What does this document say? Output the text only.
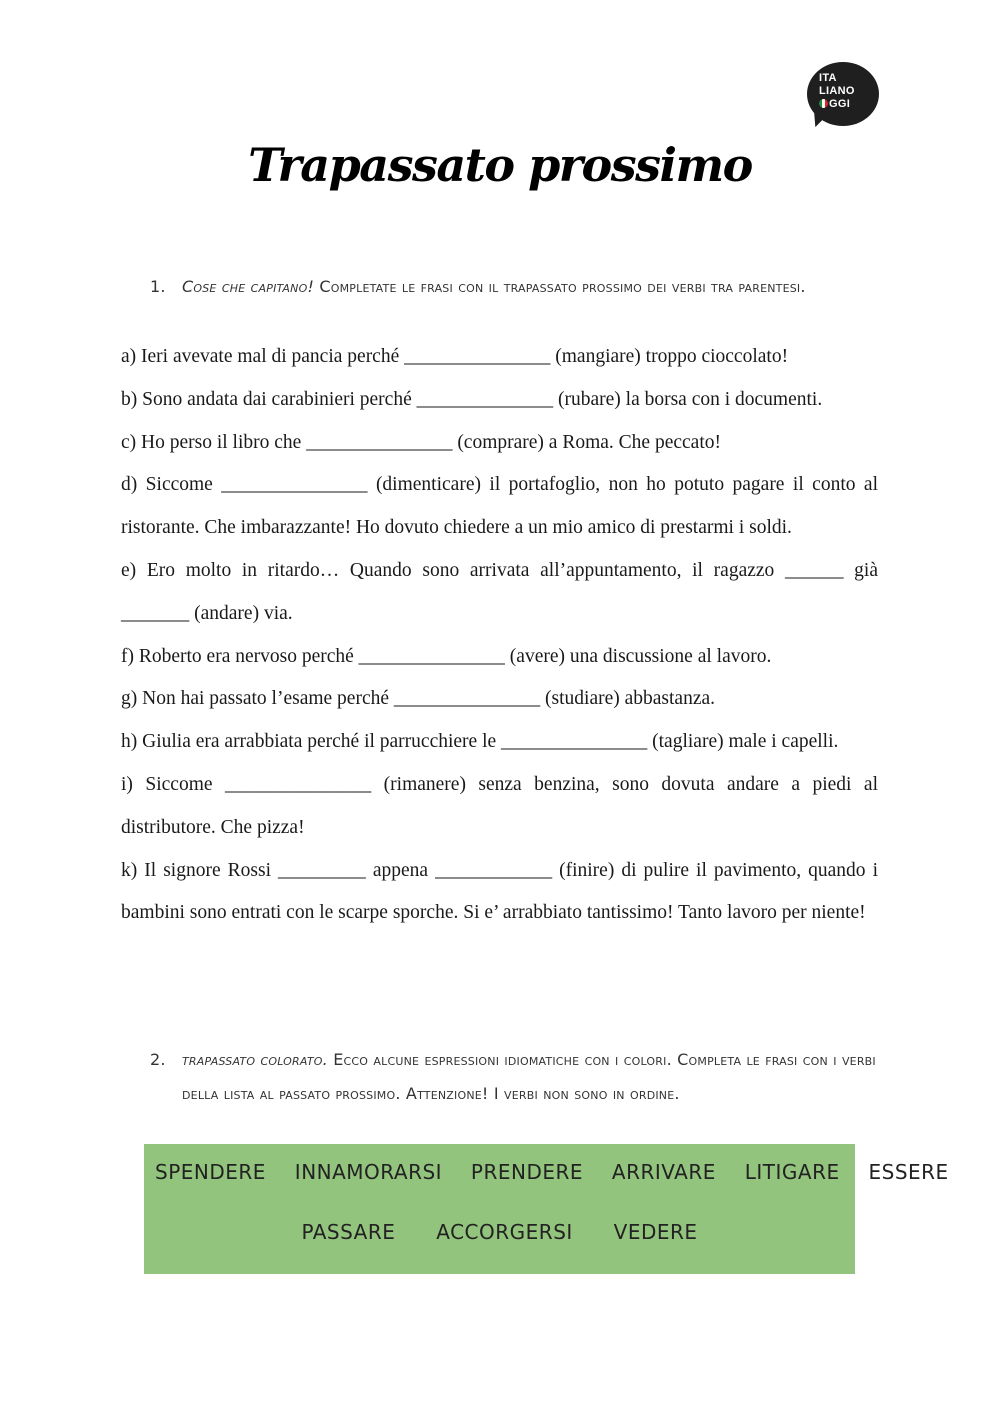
ITA
LIANO
GGI
Trapassato prossimo
1. Cose che capitano! Completate le frasi con il trapassato prossimo dei verbi tra parentesi.

a) Ieri avevate mal di pancia perché _______________ (mangiare) troppo cioccolato!

b) Sono andata dai carabinieri perché ______________ (rubare) la borsa con i documenti.

c) Ho perso il libro che _______________ (comprare) a Roma. Che peccato!

d) Siccome _______________ (dimenticare) il portafoglio, non ho potuto pagare il conto al ristorante. Che imbarazzante! Ho dovuto chiedere a un mio amico di prestarmi i soldi.

e) Ero molto in ritardo… Quando sono arrivata all’appuntamento, il ragazzo ______ già _______ (andare) via.

f) Roberto era nervoso perché _______________ (avere) una discussione al lavoro.

g) Non hai passato l’esame perché _______________ (studiare) abbastanza.

h) Giulia era arrabbiata perché il parrucchiere le _______________ (tagliare) male i capelli.

i) Siccome _______________ (rimanere) senza benzina, sono dovuta andare a piedi al distributore. Che pizza!

k) Il signore Rossi _________ appena ____________ (finire) di pulire il pavimento, quando i bambini sono entrati con le scarpe sporche. Si e’ arrabbiato tantissimo! Tanto lavoro per niente!

2. trapassato colorato. Ecco alcune espressioni idiomatiche con i colori. Completa le frasi con i verbi
della lista al passato prossimo. Attenzione! I verbi non sono in ordine.
SPENDERE INNAMORARSI PRENDERE ARRIVARE LITIGARE ESSERE
PASSARE ACCORGERSI VEDERE
